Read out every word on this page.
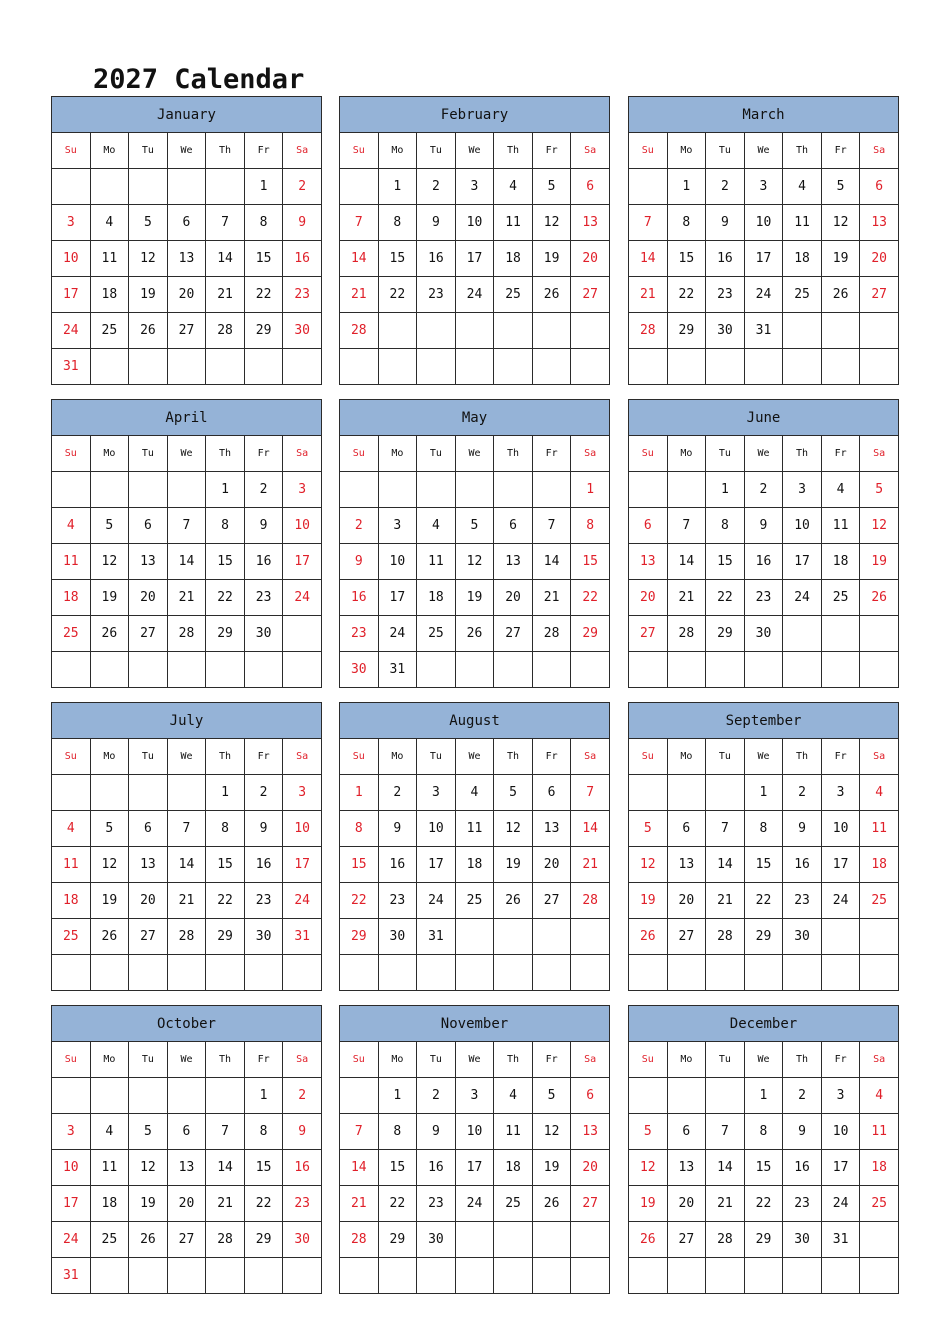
2027 Calendar
January						
Su	Mo	Tu	We	Th	Fr	Sa
					1	2
3	4	5	6	7	8	9
10	11	12	13	14	15	16
17	18	19	20	21	22	23
24	25	26	27	28	29	30
31						
February						
Su	Mo	Tu	We	Th	Fr	Sa
	1	2	3	4	5	6
7	8	9	10	11	12	13
14	15	16	17	18	19	20
21	22	23	24	25	26	27
28						

March						
Su	Mo	Tu	We	Th	Fr	Sa
	1	2	3	4	5	6
7	8	9	10	11	12	13
14	15	16	17	18	19	20
21	22	23	24	25	26	27
28	29	30	31			

April						
Su	Mo	Tu	We	Th	Fr	Sa
				1	2	3
4	5	6	7	8	9	10
11	12	13	14	15	16	17
18	19	20	21	22	23	24
25	26	27	28	29	30	

May						
Su	Mo	Tu	We	Th	Fr	Sa
						1
2	3	4	5	6	7	8
9	10	11	12	13	14	15
16	17	18	19	20	21	22
23	24	25	26	27	28	29
30	31					
June						
Su	Mo	Tu	We	Th	Fr	Sa
		1	2	3	4	5
6	7	8	9	10	11	12
13	14	15	16	17	18	19
20	21	22	23	24	25	26
27	28	29	30			

July						
Su	Mo	Tu	We	Th	Fr	Sa
				1	2	3
4	5	6	7	8	9	10
11	12	13	14	15	16	17
18	19	20	21	22	23	24
25	26	27	28	29	30	31

August						
Su	Mo	Tu	We	Th	Fr	Sa
1	2	3	4	5	6	7
8	9	10	11	12	13	14
15	16	17	18	19	20	21
22	23	24	25	26	27	28
29	30	31				

September						
Su	Mo	Tu	We	Th	Fr	Sa
			1	2	3	4
5	6	7	8	9	10	11
12	13	14	15	16	17	18
19	20	21	22	23	24	25
26	27	28	29	30		

October						
Su	Mo	Tu	We	Th	Fr	Sa
					1	2
3	4	5	6	7	8	9
10	11	12	13	14	15	16
17	18	19	20	21	22	23
24	25	26	27	28	29	30
31						
November						
Su	Mo	Tu	We	Th	Fr	Sa
	1	2	3	4	5	6
7	8	9	10	11	12	13
14	15	16	17	18	19	20
21	22	23	24	25	26	27
28	29	30				

December						
Su	Mo	Tu	We	Th	Fr	Sa
			1	2	3	4
5	6	7	8	9	10	11
12	13	14	15	16	17	18
19	20	21	22	23	24	25
26	27	28	29	30	31	
